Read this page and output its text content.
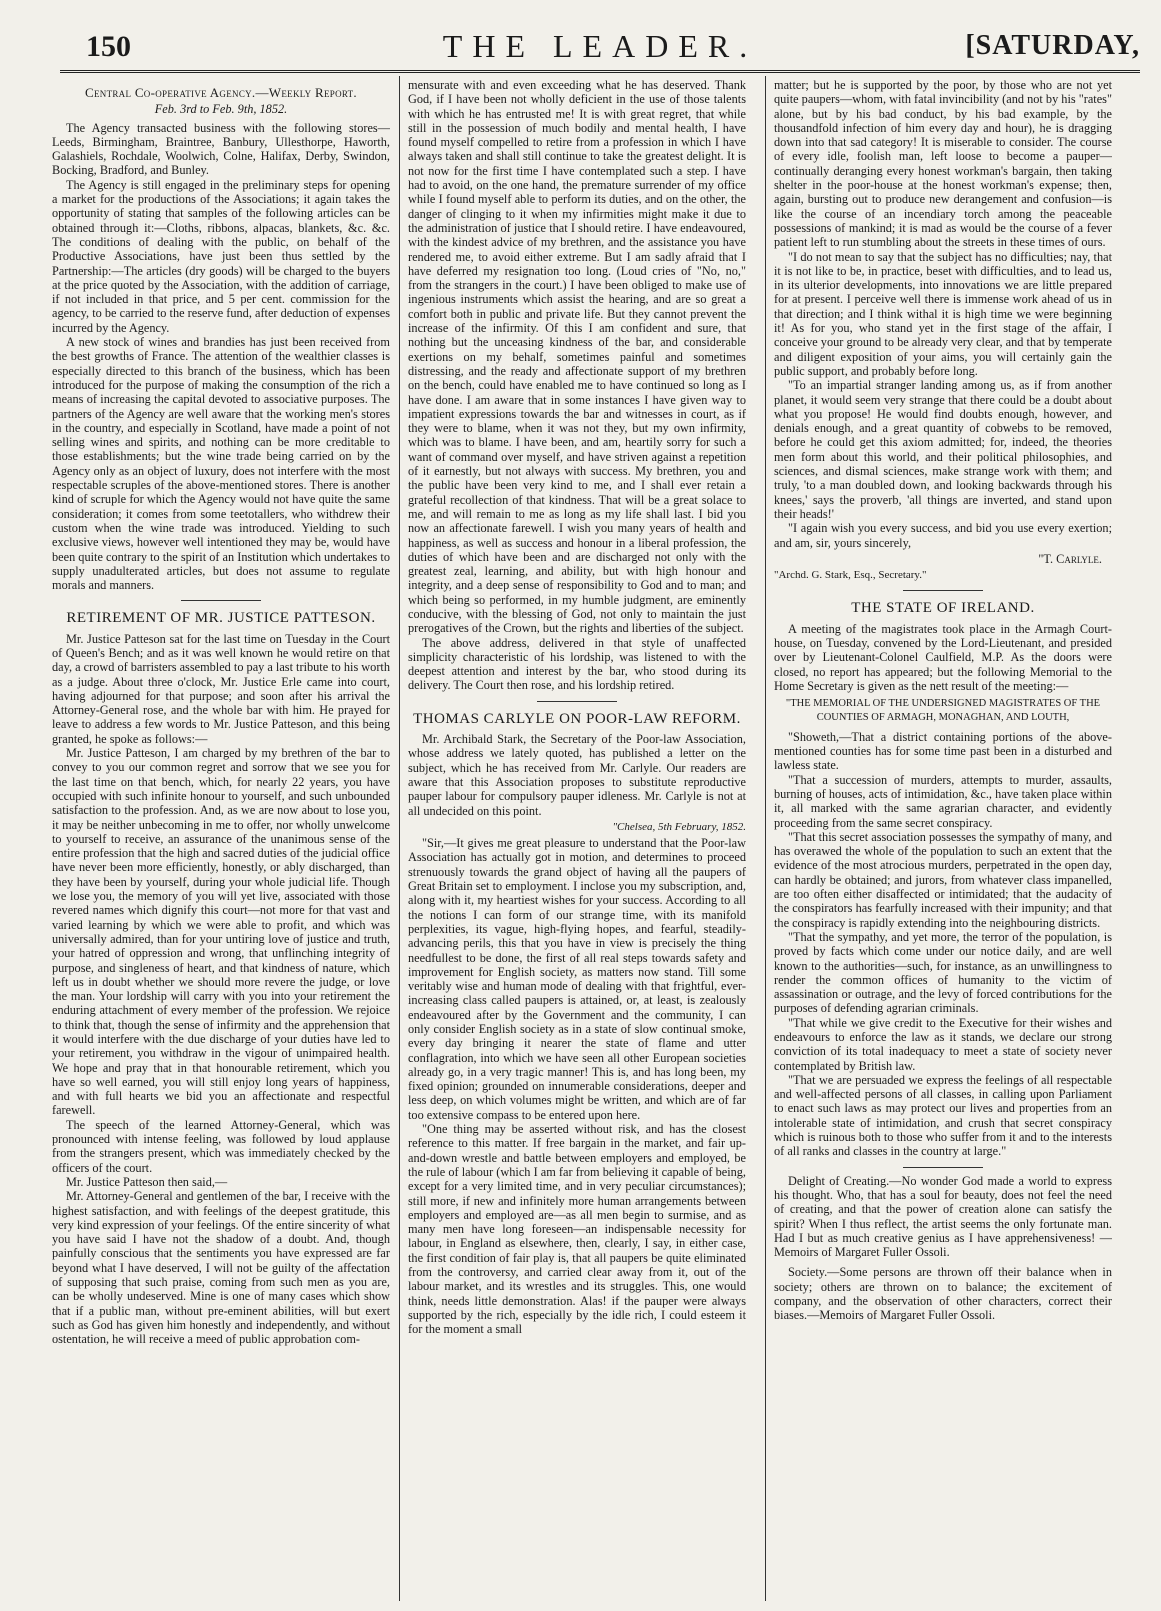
150	THE LEADER.	[SATURDAY,
Central Co-operative Agency.—Weekly Report.
Feb. 3rd to Feb. 9th, 1852.

The Agency transacted business with the following stores—Leeds, Birmingham, Braintree, Banbury, Ullesthorpe, Haworth, Galashiels, Rochdale, Woolwich, Colne, Halifax, Derby, Swindon, Bocking, Bradford, and Bunley.

The Agency is still engaged in the preliminary steps for opening a market for the productions of the Associations; it again takes the opportunity of stating that samples of the following articles can be obtained through it:—Cloths, ribbons, alpacas, blankets, &c. &c. The conditions of dealing with the public, on behalf of the Productive Associations, have just been thus settled by the Partnership:—The articles (dry goods) will be charged to the buyers at the price quoted by the Association, with the addition of carriage, if not included in that price, and 5 per cent. commission for the agency, to be carried to the reserve fund, after deduction of expenses incurred by the Agency.

A new stock of wines and brandies has just been received from the best growths of France. The attention of the wealthier classes is especially directed to this branch of the business, which has been introduced for the purpose of making the consumption of the rich a means of increasing the capital devoted to associative purposes. The partners of the Agency are well aware that the working men's stores in the country, and especially in Scotland, have made a point of not selling wines and spirits, and nothing can be more creditable to those establishments; but the wine trade being carried on by the Agency only as an object of luxury, does not interfere with the most respectable scruples of the above-mentioned stores. There is another kind of scruple for which the Agency would not have quite the same consideration; it comes from some teetotallers, who withdrew their custom when the wine trade was introduced. Yielding to such exclusive views, however well intentioned they may be, would have been quite contrary to the spirit of an Institution which undertakes to supply unadulterated articles, but does not assume to regulate morals and manners.

RETIREMENT OF MR. JUSTICE PATTESON.

Mr. Justice Patteson sat for the last time on Tuesday in the Court of Queen's Bench; and as it was well known he would retire on that day, a crowd of barristers assembled to pay a last tribute to his worth as a judge. About three o'clock, Mr. Justice Erle came into court, having adjourned for that purpose; and soon after his arrival the Attorney-General rose, and the whole bar with him. He prayed for leave to address a few words to Mr. Justice Patteson, and this being granted, he spoke as follows:—

Mr. Justice Patteson, I am charged by my brethren of the bar to convey to you our common regret and sorrow that we see you for the last time on that bench, which, for nearly 22 years, you have occupied with such infinite honour to yourself, and such unbounded satisfaction to the profession. And, as we are now about to lose you, it may be neither unbecoming in me to offer, nor wholly unwelcome to yourself to receive, an assurance of the unanimous sense of the entire profession that the high and sacred duties of the judicial office have never been more efficiently, honestly, or ably discharged, than they have been by yourself, during your whole judicial life. Though we lose you, the memory of you will yet live, associated with those revered names which dignify this court—not more for that vast and varied learning by which we were able to profit, and which was universally admired, than for your untiring love of justice and truth, your hatred of oppression and wrong, that unflinching integrity of purpose, and singleness of heart, and that kindness of nature, which left us in doubt whether we should more revere the judge, or love the man. Your lordship will carry with you into your retirement the enduring attachment of every member of the profession. We rejoice to think that, though the sense of infirmity and the apprehension that it would interfere with the due discharge of your duties have led to your retirement, you withdraw in the vigour of unimpaired health. We hope and pray that in that honourable retirement, which you have so well earned, you will still enjoy long years of happiness, and with full hearts we bid you an affectionate and respectful farewell.

The speech of the learned Attorney-General, which was pronounced with intense feeling, was followed by loud applause from the strangers present, which was immediately checked by the officers of the court.

Mr. Justice Patteson then said,—

Mr. Attorney-General and gentlemen of the bar, I receive with the highest satisfaction, and with feelings of the deepest gratitude, this very kind expression of your feelings. Of the entire sincerity of what you have said I have not the shadow of a doubt. And, though painfully conscious that the sentiments you have expressed are far beyond what I have deserved, I will not be guilty of the affectation of supposing that such praise, coming from such men as you are, can be wholly undeserved. Mine is one of many cases which show that if a public man, without pre-eminent abilities, will but exert such as God has given him honestly and independently, and without ostentation, he will receive a meed of public approbation com-

mensurate with and even exceeding what he has deserved. Thank God, if I have been not wholly deficient in the use of those talents with which he has entrusted me! It is with great regret, that while still in the possession of much bodily and mental health, I have found myself compelled to retire from a profession in which I have always taken and shall still continue to take the greatest delight. It is not now for the first time I have contemplated such a step. I have had to avoid, on the one hand, the premature surrender of my office while I found myself able to perform its duties, and on the other, the danger of clinging to it when my infirmities might make it due to the administration of justice that I should retire. I have endeavoured, with the kindest advice of my brethren, and the assistance you have rendered me, to avoid either extreme. But I am sadly afraid that I have deferred my resignation too long. (Loud cries of "No, no," from the strangers in the court.) I have been obliged to make use of ingenious instruments which assist the hearing, and are so great a comfort both in public and private life. But they cannot prevent the increase of the infirmity. Of this I am confident and sure, that nothing but the unceasing kindness of the bar, and considerable exertions on my behalf, sometimes painful and sometimes distressing, and the ready and affectionate support of my brethren on the bench, could have enabled me to have continued so long as I have done. I am aware that in some instances I have given way to impatient expressions towards the bar and witnesses in court, as if they were to blame, when it was not they, but my own infirmity, which was to blame. I have been, and am, heartily sorry for such a want of command over myself, and have striven against a repetition of it earnestly, but not always with success. My brethren, you and the public have been very kind to me, and I shall ever retain a grateful recollection of that kindness. That will be a great solace to me, and will remain to me as long as my life shall last. I bid you now an affectionate farewell. I wish you many years of health and happiness, as well as success and honour in a liberal profession, the duties of which have been and are discharged not only with the greatest zeal, learning, and ability, but with high honour and integrity, and a deep sense of responsibility to God and to man; and which being so performed, in my humble judgment, are eminently conducive, with the blessing of God, not only to maintain the just prerogatives of the Crown, but the rights and liberties of the subject.

The above address, delivered in that style of unaffected simplicity characteristic of his lordship, was listened to with the deepest attention and interest by the bar, who stood during its delivery. The Court then rose, and his lordship retired.

THOMAS CARLYLE ON POOR-LAW REFORM.

Mr. Archibald Stark, the Secretary of the Poor-law Association, whose address we lately quoted, has published a letter on the subject, which he has received from Mr. Carlyle. Our readers are aware that this Association proposes to substitute reproductive pauper labour for compulsory pauper idleness. Mr. Carlyle is not at all undecided on this point.

"Chelsea, 5th February, 1852.

"Sir,—It gives me great pleasure to understand that the Poor-law Association has actually got in motion, and determines to proceed strenuously towards the grand object of having all the paupers of Great Britain set to employment. I inclose you my subscription, and, along with it, my heartiest wishes for your success. According to all the notions I can form of our strange time, with its manifold perplexities, its vague, high-flying hopes, and fearful, steadily-advancing perils, this that you have in view is precisely the thing needfullest to be done, the first of all real steps towards safety and improvement for English society, as matters now stand. Till some veritably wise and human mode of dealing with that frightful, ever-increasing class called paupers is attained, or, at least, is zealously endeavoured after by the Government and the community, I can only consider English society as in a state of slow continual smoke, every day bringing it nearer the state of flame and utter conflagration, into which we have seen all other European societies already go, in a very tragic manner! This is, and has long been, my fixed opinion; grounded on innumerable considerations, deeper and less deep, on which volumes might be written, and which are of far too extensive compass to be entered upon here.

"One thing may be asserted without risk, and has the closest reference to this matter. If free bargain in the market, and fair up-and-down wrestle and battle between employers and employed, be the rule of labour (which I am far from believing it capable of being, except for a very limited time, and in very peculiar circumstances); still more, if new and infinitely more human arrangements between employers and employed are—as all men begin to surmise, and as many men have long foreseen—an indispensable necessity for labour, in England as elsewhere, then, clearly, I say, in either case, the first condition of fair play is, that all paupers be quite eliminated from the controversy, and carried clear away from it, out of the labour market, and its wrestles and its struggles. This, one would think, needs little demonstration. Alas! if the pauper were always supported by the rich, especially by the idle rich, I could esteem it for the moment a small

matter; but he is supported by the poor, by those who are not yet quite paupers—whom, with fatal invincibility (and not by his "rates" alone, but by his bad conduct, by his bad example, by the thousandfold infection of him every day and hour), he is dragging down into that sad category! It is miserable to consider. The course of every idle, foolish man, left loose to become a pauper—continually deranging every honest workman's bargain, then taking shelter in the poor-house at the honest workman's expense; then, again, bursting out to produce new derangement and confusion—is like the course of an incendiary torch among the peaceable possessions of mankind; it is mad as would be the course of a fever patient left to run stumbling about the streets in these times of ours.

"I do not mean to say that the subject has no difficulties; nay, that it is not like to be, in practice, beset with difficulties, and to lead us, in its ulterior developments, into innovations we are little prepared for at present. I perceive well there is immense work ahead of us in that direction; and I think withal it is high time we were beginning it! As for you, who stand yet in the first stage of the affair, I conceive your ground to be already very clear, and that by temperate and diligent exposition of your aims, you will certainly gain the public support, and probably before long.

"To an impartial stranger landing among us, as if from another planet, it would seem very strange that there could be a doubt about what you propose! He would find doubts enough, however, and denials enough, and a great quantity of cobwebs to be removed, before he could get this axiom admitted; for, indeed, the theories men form about this world, and their political philosophies, and sciences, and dismal sciences, make strange work with them; and truly, 'to a man doubled down, and looking backwards through his knees,' says the proverb, 'all things are inverted, and stand upon their heads!'

"I again wish you every success, and bid you use every exertion; and am, sir, yours sincerely,

"T. Carlyle.
"Archd. G. Stark, Esq., Secretary."
THE STATE OF IRELAND.

A meeting of the magistrates took place in the Armagh Court-house, on Tuesday, convened by the Lord-Lieutenant, and presided over by Lieutenant-Colonel Caulfield, M.P. As the doors were closed, no report has appeared; but the following Memorial to the Home Secretary is given as the nett result of the meeting:—

"THE MEMORIAL OF THE UNDERSIGNED MAGISTRATES OF THE COUNTIES OF ARMAGH, MONAGHAN, AND LOUTH,

"Showeth,—That a district containing portions of the above-mentioned counties has for some time past been in a disturbed and lawless state.

"That a succession of murders, attempts to murder, assaults, burning of houses, acts of intimidation, &c., have taken place within it, all marked with the same agrarian character, and evidently proceeding from the same secret conspiracy.

"That this secret association possesses the sympathy of many, and has overawed the whole of the population to such an extent that the evidence of the most atrocious murders, perpetrated in the open day, can hardly be obtained; and jurors, from whatever class impanelled, are too often either disaffected or intimidated; that the audacity of the conspirators has fearfully increased with their impunity; and that the conspiracy is rapidly extending into the neighbouring districts.

"That the sympathy, and yet more, the terror of the population, is proved by facts which come under our notice daily, and are well known to the authorities—such, for instance, as an unwillingness to render the common offices of humanity to the victim of assassination or outrage, and the levy of forced contributions for the purposes of defending agrarian criminals.

"That while we give credit to the Executive for their wishes and endeavours to enforce the law as it stands, we declare our strong conviction of its total inadequacy to meet a state of society never contemplated by British law.

"That we are persuaded we express the feelings of all respectable and well-affected persons of all classes, in calling upon Parliament to enact such laws as may protect our lives and properties from an intolerable state of intimidation, and crush that secret conspiracy which is ruinous both to those who suffer from it and to the interests of all ranks and classes in the country at large."

Delight of Creating.—No wonder God made a world to express his thought. Who, that has a soul for beauty, does not feel the need of creating, and that the power of creation alone can satisfy the spirit? When I thus reflect, the artist seems the only fortunate man. Had I but as much creative genius as I have apprehensiveness! —Memoirs of Margaret Fuller Ossoli.

Society.—Some persons are thrown off their balance when in society; others are thrown on to balance; the excitement of company, and the observation of other characters, correct their biases.—Memoirs of Margaret Fuller Ossoli.
